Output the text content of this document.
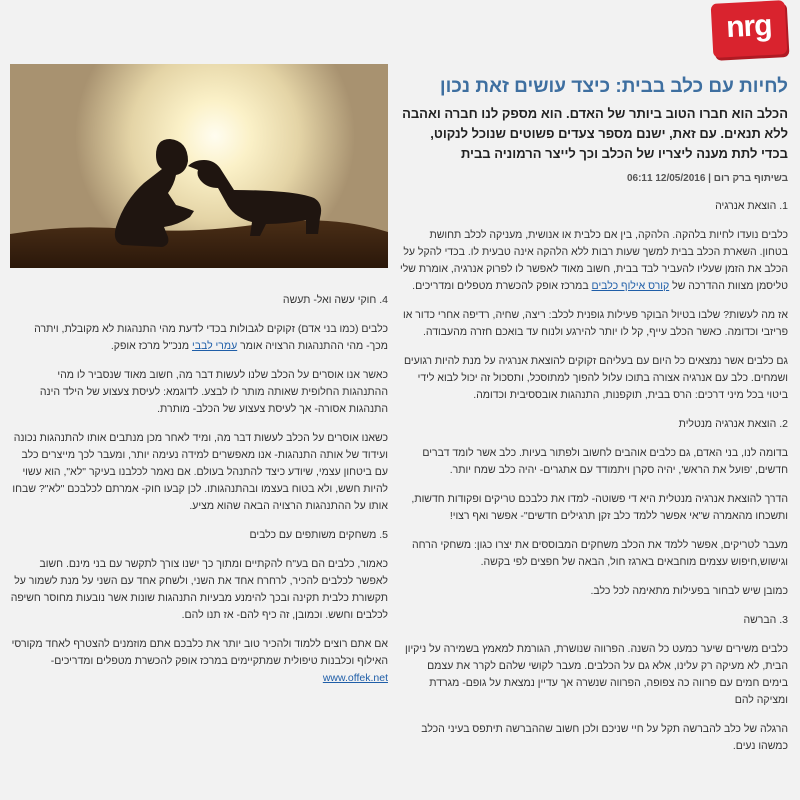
nrg
לחיות עם כלב בבית: כיצד עושים זאת נכון

הכלב הוא חברו הטוב ביותר של האדם. הוא מספק לנו חברה ואהבה ללא תנאים. עם זאת, ישנם מספר צעדים פשוטים שנוכל לנקוט, בכדי לתת מענה ליצריו של הכלב וכך לייצר הרמוניה בבית

בשיתוף ברק רום | 12/05/2016 06:11
1. הוצאת אנרגיה

כלבים נועדו לחיות בלהקה. הלהקה, בין אם כלבית או אנושית, מעניקה לכלב תחושת בטחון. השארת הכלב בבית למשך שעות רבות ללא הלהקה אינה טבעית לו. בכדי להקל על הכלב את הזמן שעליו להעביר לבד בבית, חשוב מאוד לאפשר לו לפרוק אנרגיה, אומרת שלי טליסמן מצוות ההדרכה של קורס אילוף כלבים במרכז אופק להכשרת מטפלים ומדריכים.

אז מה לעשות? שלבו בטיול הבוקר פעילות גופנית לכלב: ריצה, שחיה, רדיפה אחרי כדור או פריזבי וכדומה. כאשר הכלב עייף, קל לו יותר להירגע ולנוח עד בואכם חזרה מהעבודה.

גם כלבים אשר נמצאים כל היום עם בעליהם זקוקים להוצאת אנרגיה על מנת להיות רגועים ושמחים. כלב עם אנרגיה אצורה בתוכו עלול להפוך למתוסכל, ותסכול זה יכול לבוא לידי ביטוי בכל מיני דרכים: הרס בבית, תוקפנות, התנהגות אובססיבית וכדומה.

2. הוצאת אנרגיה מנטלית

בדומה לנו, בני האדם, גם כלבים אוהבים לחשוב ולפתור בעיות. כלב אשר לומד דברים חדשים, 'פועל את הראש', יהיה סקרן ויתמודד עם אתגרים- יהיה כלב שמח יותר.

הדרך להוצאת אנרגיה מנטלית היא די פשוטה- למדו את כלבכם טריקים ופקודות חדשות, ותשכחו מהאמרה ש"אי אפשר ללמד כלב זקן תרגילים חדשים"- אפשר ואף רצוי!

מעבר לטריקים, אפשר ללמד את הכלב משחקים המבוססים את יצרו כגון: משחקי הרחה וגישוש,חיפוש עצמים מוחבאים בארגז חול, הבאה של חפצים לפי בקשה.

כמובן שיש לבחור בפעילות מתאימה לכל כלב.

3. הברשה

כלבים משירים שיער כמעט כל השנה. הפרווה שנושרת, הגורמת למאמץ בשמירה על ניקיון הבית, לא מעיקה רק עלינו, אלא גם על הכלבים. מעבר לקושי שלהם לקרר את עצמם בימים חמים עם פרווה כה צפופה, הפרווה שנשרה אך עדיין נמצאת על גופם- מגרדת ומציקה להם

הרגלה של כלב להברשה תקל על חיי שניכם ולכן חשוב שההברשה תיתפס בעיני הכלב כמשהו נעים.

4. חוקי עשה ואל- תעשה

כלבים (כמו בני אדם) זקוקים לגבולות בכדי לדעת מהי התנהגות לא מקובלת, ויתרה מכך- מהי ההתנהגות הרצויה אומר עמרי לבבי מנכ"ל מרכז אופק.

כאשר אנו אוסרים על הכלב שלנו לעשות דבר מה, חשוב מאוד שנסביר לו מהי ההתנהגות החלופית שאותה מותר לו לבצע. לדוגמא: לעיסת צעצוע של הילד הינה התנהגות אסורה- אך לעיסת צעצוע של הכלב- מותרת.

כשאנו אוסרים על הכלב לעשות דבר מה, ומיד לאחר מכן מנתבים אותו להתנהגות נכונה ועידוד של אותה התנהגות- אנו מאפשרים למידה נעימה יותר, ומעבר לכך מייצרים כלב עם ביטחון עצמי, שיודע כיצד להתנהל בעולם. אם נאמר לכלבנו בעיקר "לא", הוא עשוי להיות חשש, ולא בטוח בעצמו ובהתנהגותו. לכן קבעו חוק- אמרתם לכלבכם "לא"? שבחו אותו על ההתנהגות הרצויה הבאה שהוא מציע.

5. משחקים משותפים עם כלבים

כאמור, כלבים הם בע"ח להקתיים ומתוך כך ישנו צורך לתקשר עם בני מינם. חשוב לאפשר לכלבים להכיר, לרחרח אחד את השני, ולשחק אחד עם השני על מנת לשמור על תקשורת כלבית תקינה ובכך להימנע מבעיות התנהגות שונות אשר נובעות מחוסר חשיפה לכלבים וחשש. וכמובן, זה כיף להם- אז תנו להם.

אם אתם רוצים ללמוד ולהכיר טוב יותר את כלבכם אתם מוזמנים להצטרף לאחד מקורסי האילוף וכלבנות טיפולית שמתקיימים במרכז אופק להכשרת מטפלים ומדריכים- www.offek.net
